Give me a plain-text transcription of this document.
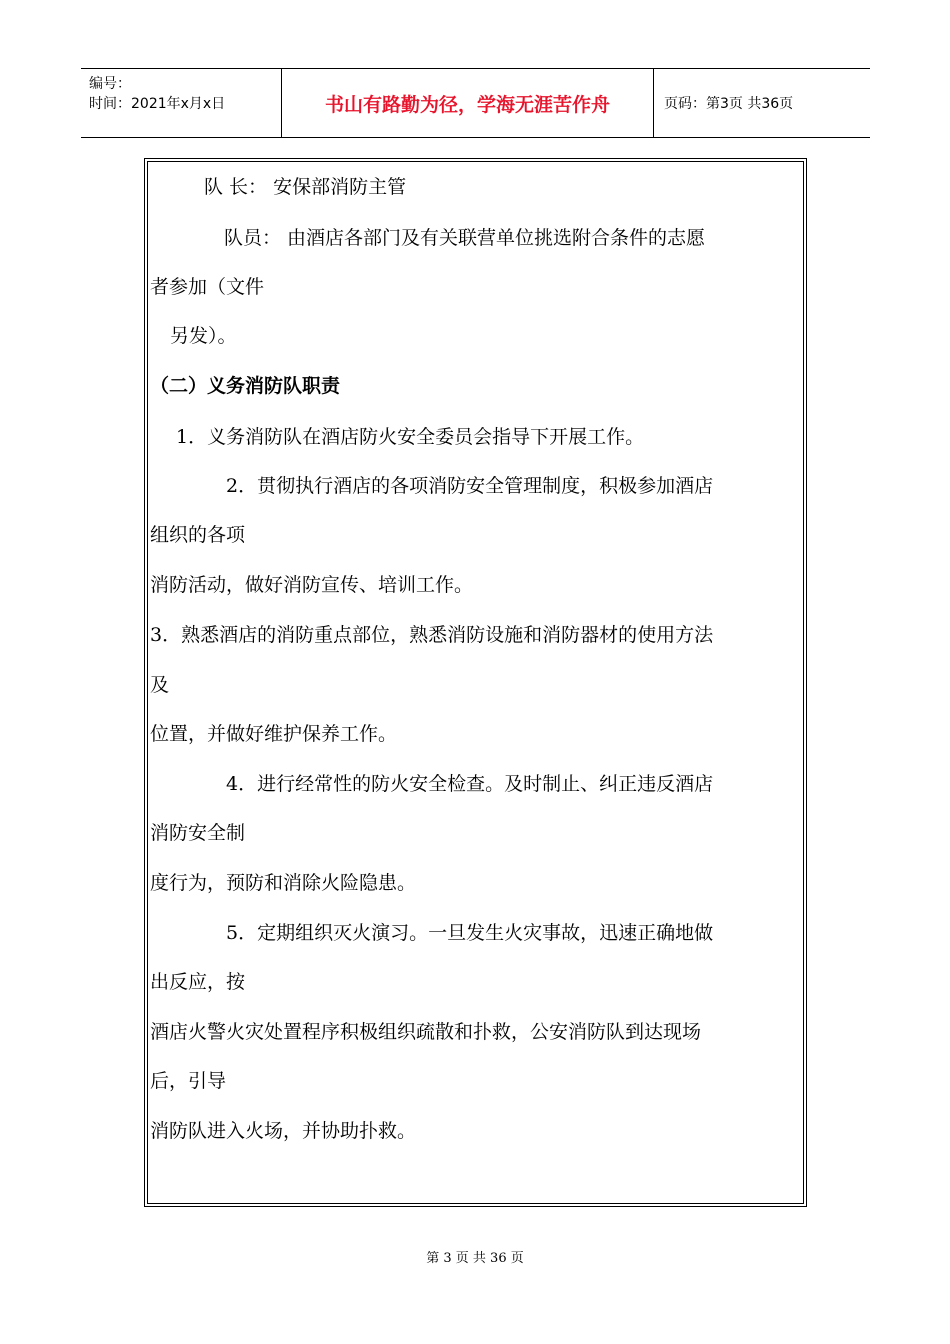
编号：
时间：2021年x月x日	书山有路勤为径，学海无涯苦作舟	页码：第3页 共36页
队 长： 安保部消防主管
队员： 由酒店各部门及有关联营单位挑选附合条件的志愿
者参加（文件
另发）。
（二）义务消防队职责
1．义务消防队在酒店防火安全委员会指导下开展工作。
2．贯彻执行酒店的各项消防安全管理制度，积极参加酒店
组织的各项
消防活动，做好消防宣传、培训工作。
3．熟悉酒店的消防重点部位，熟悉消防设施和消防器材的使用方法
及
位置，并做好维护保养工作。
4．进行经常性的防火安全检查。及时制止、纠正违反酒店
消防安全制
度行为，预防和消除火险隐患。
5．定期组织灭火演习。一旦发生火灾事故，迅速正确地做
出反应，按
酒店火警火灾处置程序积极组织疏散和扑救，公安消防队到达现场
后，引导
消防队进入火场，并协助扑救。
第 3 页 共 36 页
